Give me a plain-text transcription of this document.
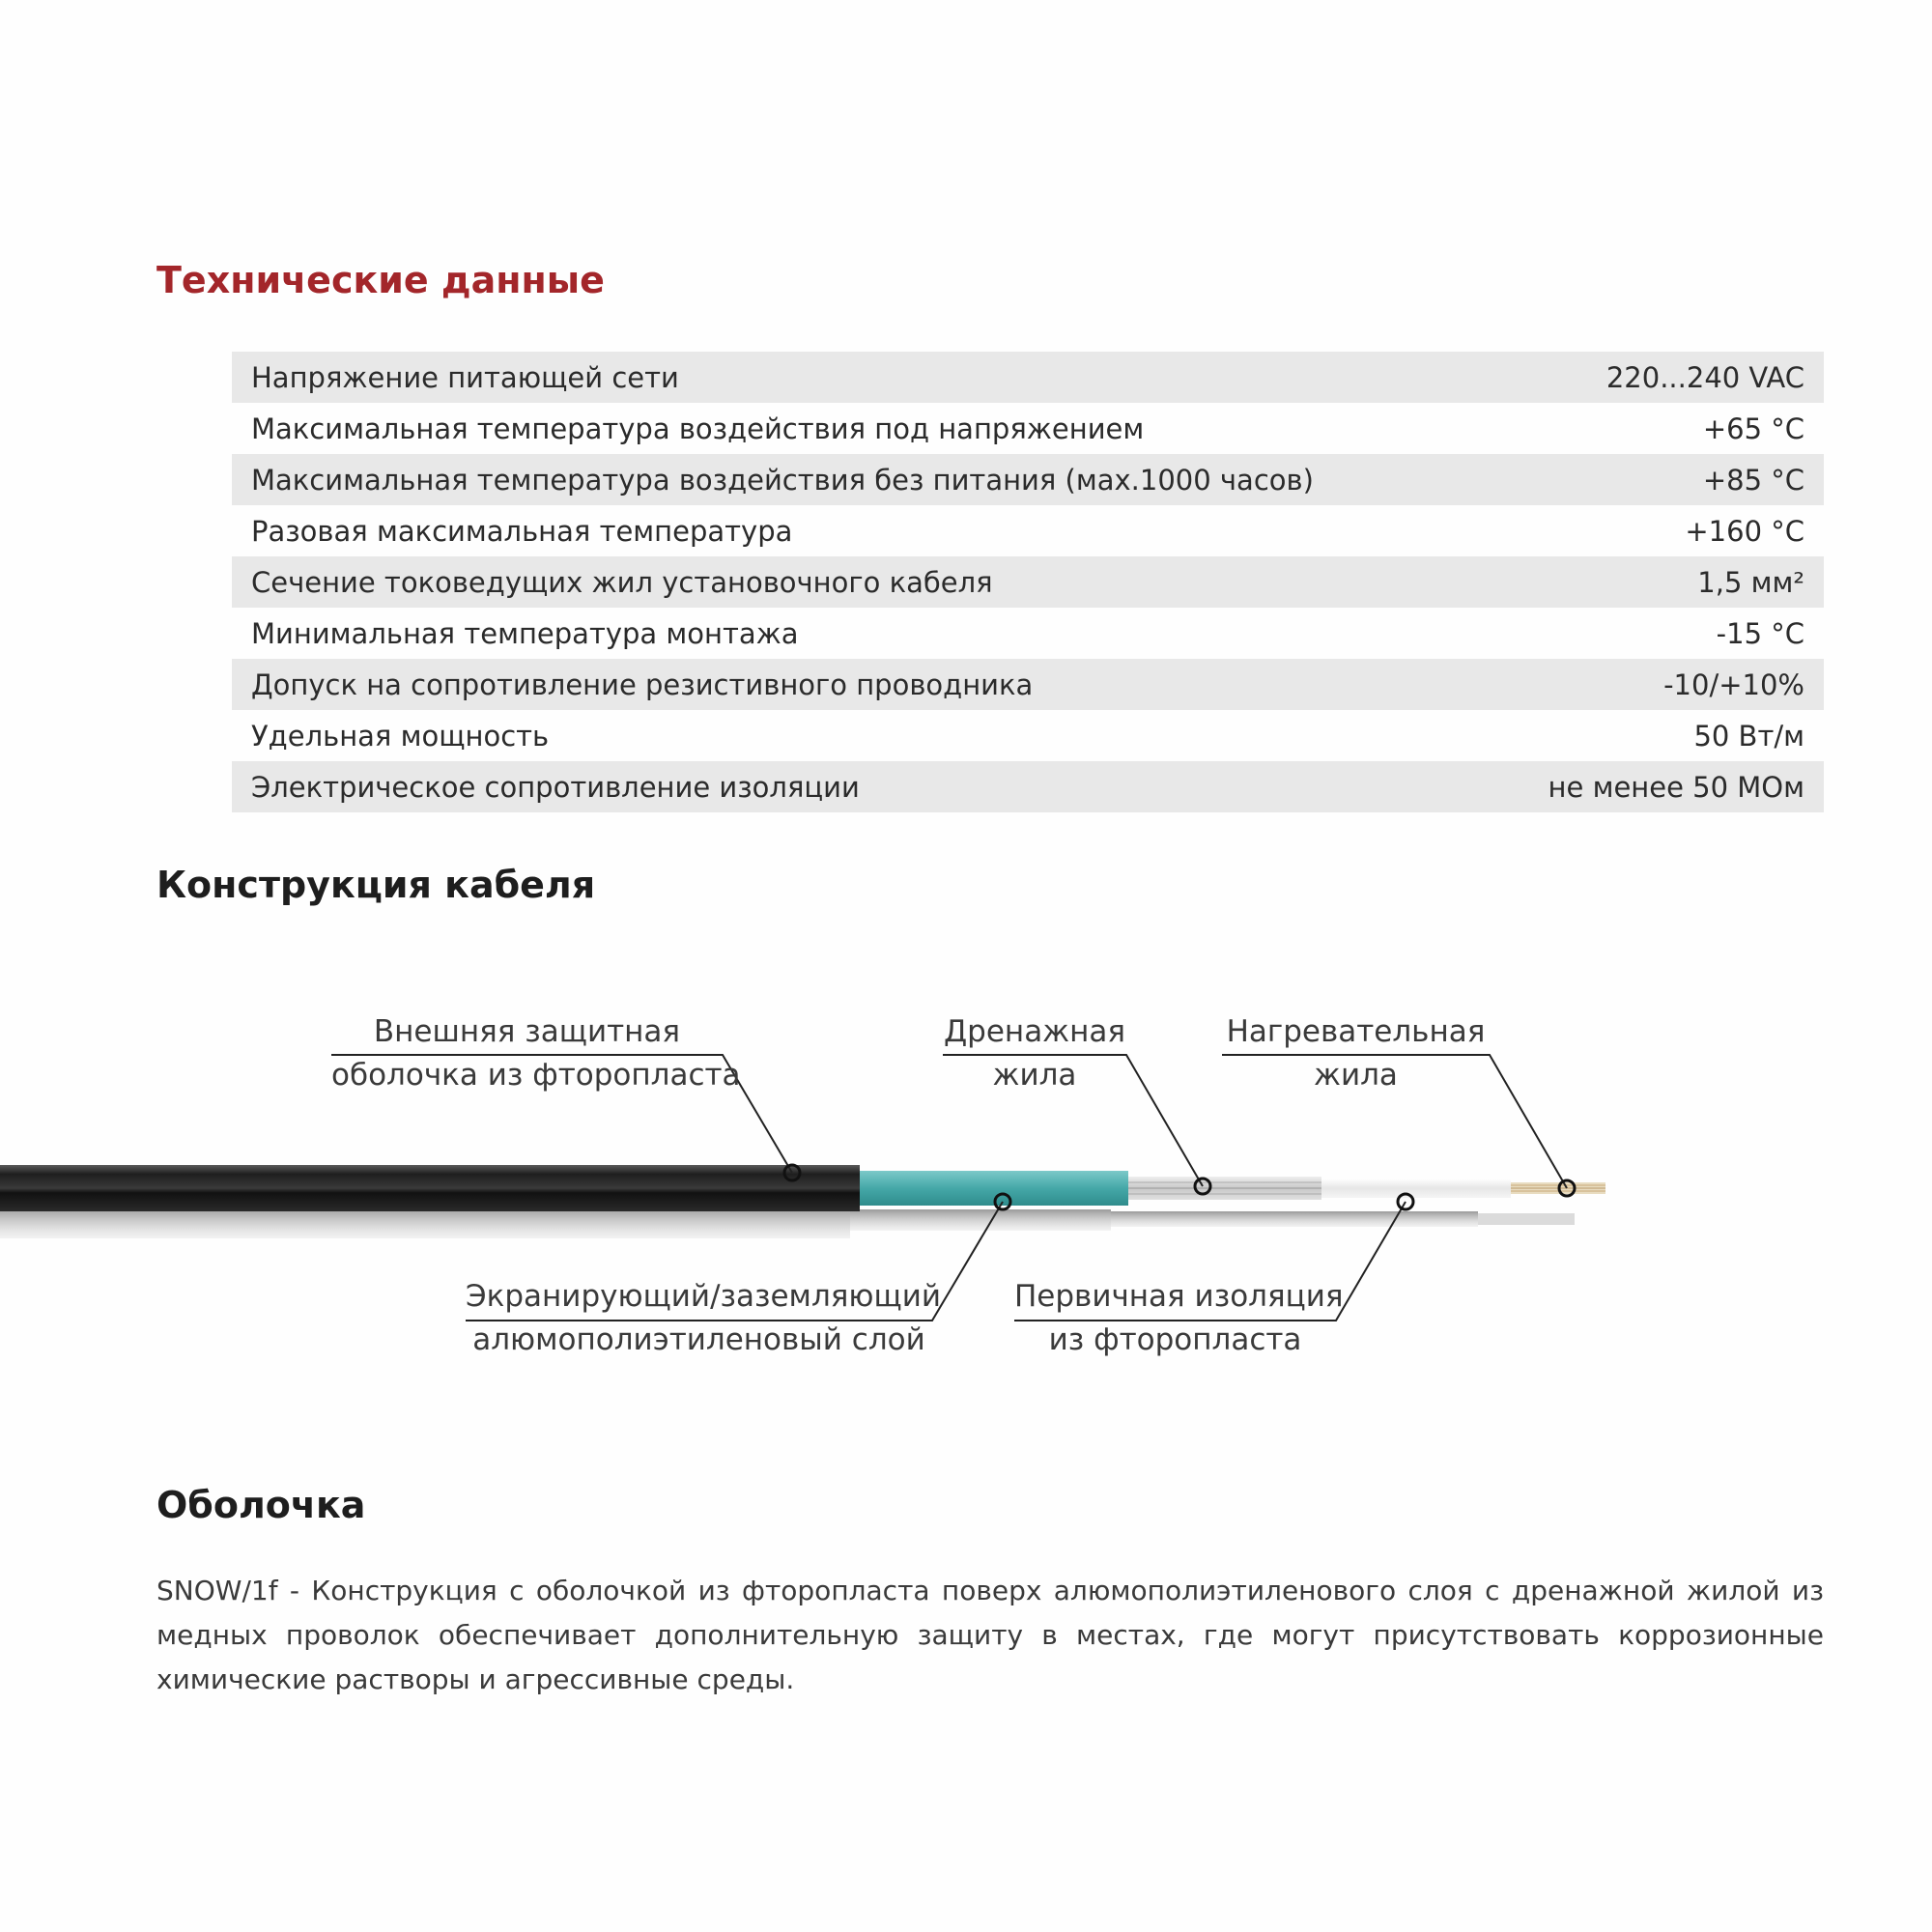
Технические данные
Напряжение питающей сети	220...240 VAC
Максимальная температура воздействия под напряжением	+65 °C
Максимальная температура воздействия без питания (мах.1000 часов)	+85 °C
Разовая максимальная температура	+160 °C
Сечение токоведущих жил установочного кабеля	1,5 мм²
Минимальная температура монтажа	-15 °C
Допуск на сопротивление резистивного проводника	-10/+10%
Удельная мощность	50 Вт/м
Электрическое сопротивление изоляции	не менее 50 МОм
Конструкция кабеля
Внешняя защитная
оболочка из фторопласта
Дренажная
жила
Нагревательная
жила
Экранирующий/заземляющий
алюмополиэтиленовый слой
Первичная изоляция
из фторопласта
Оболочка

SNOW/1f - Конструкция с оболочкой из фторопласта поверх алюмополиэтиленового слоя с дренажной жилой из медных проволок обеспечивает дополнительную защиту в местах, где могут присутствовать коррозионные химические растворы и агрессивные среды.
